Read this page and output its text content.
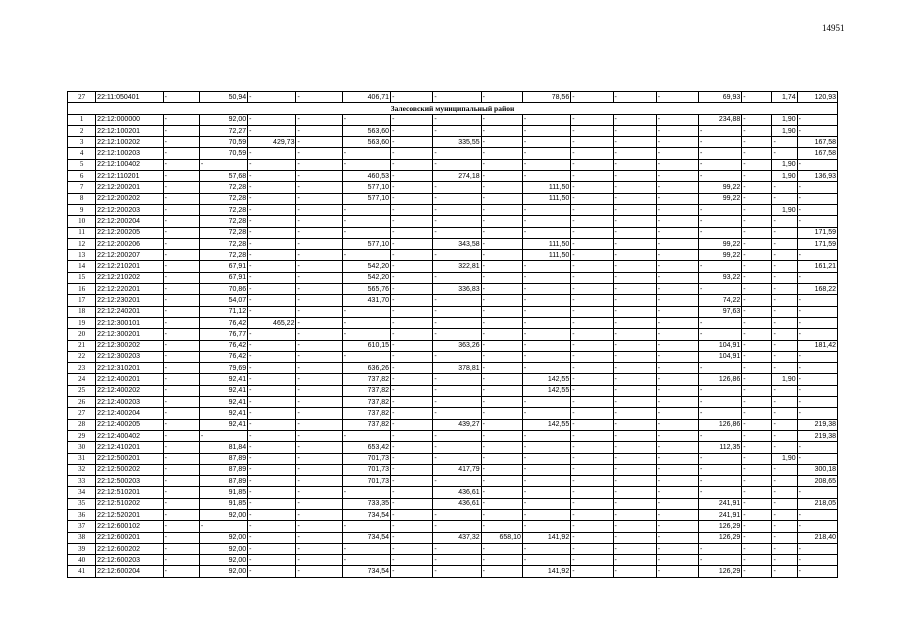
14951
27	22:11:050401	-	50,94	-	-	406,71	-	-	-	78,56	-	-	-	69,93	-	1,74	120,93
Залесовский муниципальный район																	
1	22:12:000000	-	92,00	-	-	-	-	-	-	-	-	-	-	234,88	-	1,90	-
2	22:12:100201	-	72,27	-	-	563,60	-	-	-	-	-	-	-	-	-	1,90	-
3	22:12:100202	-	70,59	429,73	-	563,60	-	335,55	-	-	-	-	-	-	-	-	167,58
4	22:12:100203	-	70,59	-	-	-	-	-	-	-	-	-	-	-	-	-	167,58
5	22:12:100402	-	-	-	-	-	-	-	-	-	-	-	-	-	-	1,90	-
6	22:12:110201	-	57,68	-	-	460,53	-	274,18	-	-	-	-	-	-	-	1,90	136,93
7	22:12:200201	-	72,28	-	-	577,10	-	-	-	111,50	-	-	-	99,22	-	-	-
8	22:12:200202	-	72,28	-	-	577,10	-	-	-	111,50	-	-	-	99,22	-	-	-
9	22:12:200203	-	72,28	-	-	-	-	-	-	-	-	-	-	-	-	1,90	-
10	22:12:200204	-	72,28	-	-	-	-	-	-	-	-	-	-	-	-	-	-
11	22:12:200205	-	72,28	-	-	-	-	-	-	-	-	-	-	-	-	-	171,59
12	22:12:200206	-	72,28	-	-	577,10	-	343,58	-	111,50	-	-	-	99,22	-	-	171,59
13	22:12:200207	-	72,28	-	-	-	-	-	-	111,50	-	-	-	99,22	-	-	-
14	22:12:210201	-	67,91	-	-	542,20	-	322,81	-	-	-	-	-	-	-	-	161,21
15	22:12:210202	-	67,91	-	-	542,20	-	-	-	-	-	-	-	93,22	-	-	-
16	22:12:220201	-	70,86	-	-	565,76	-	336,83	-	-	-	-	-	-	-	-	168,22
17	22:12:230201	-	54,07	-	-	431,70	-	-	-	-	-	-	-	74,22	-	-	-
18	22:12:240201	-	71,12	-	-	-	-	-	-	-	-	-	-	97,63	-	-	-
19	22:12:300101	-	76,42	465,22	-	-	-	-	-	-	-	-	-	-	-	-	-
20	22:12:300201	-	76,77	-	-	-	-	-	-	-	-	-	-	-	-	-	-
21	22:12:300202	-	76,42	-	-	610,15	-	363,26	-	-	-	-	-	104,91	-	-	181,42
22	22:12:300203	-	76,42	-	-	-	-	-	-	-	-	-	-	104,91	-	-	-
23	22:12:310201	-	79,69	-	-	636,26	-	378,81	-	-	-	-	-	-	-	-	-
24	22:12:400201	-	92,41	-	-	737,82	-	-	-	142,55	-	-	-	126,86	-	1,90	-
25	22:12:400202	-	92,41	-	-	737,82	-	-	-	142,55	-	-	-	-	-	-	-
26	22:12:400203	-	92,41	-	-	737,82	-	-	-	-	-	-	-	-	-	-	-
27	22:12:400204	-	92,41	-	-	737,82	-	-	-	-	-	-	-	-	-	-	-
28	22:12:400205	-	92,41	-	-	737,82	-	439,27	-	142,55	-	-	-	126,86	-	-	219,38
29	22:12:400402	-	-	-	-	-	-	-	-	-	-	-	-	-	-	-	219,38
30	22:12:410201	-	81,84	-	-	653,42	-	-	-	-	-	-	-	112,35	-	-	-
31	22:12:500201	-	87,89	-	-	701,73	-	-	-	-	-	-	-	-	-	1,90	-
32	22:12:500202	-	87,89	-	-	701,73	-	417,79	-	-	-	-	-	-	-	-	300,18
33	22:12:500203	-	87,89	-	-	701,73	-	-	-	-	-	-	-	-	-	-	208,65
34	22:12:510201	-	91,85	-	-	-	-	436,61	-	-	-	-	-	-	-	-	-
35	22:12:510202	-	91,85	-	-	733,35	-	436,61	-	-	-	-	-	241,91	-	-	218,05
36	22:12:520201	-	92,00	-	-	734,54	-	-	-	-	-	-	-	241,91	-	-	-
37	22:12:600102	-	-	-	-	-	-	-	-	-	-	-	-	126,29	-	-	-
38	22:12:600201	-	92,00	-	-	734,54	-	437,32	658,10	141,92	-	-	-	126,29	-	-	218,40
39	22:12:600202	-	92,00	-	-	-	-	-	-	-	-	-	-	-	-	-	-
40	22:12:600203	-	92,00	-	-	-	-	-	-	-	-	-	-	-	-	-	-
41	22:12:600204	-	92,00	-	-	734,54	-	-	-	141,92	-	-	-	126,29	-	-	-
